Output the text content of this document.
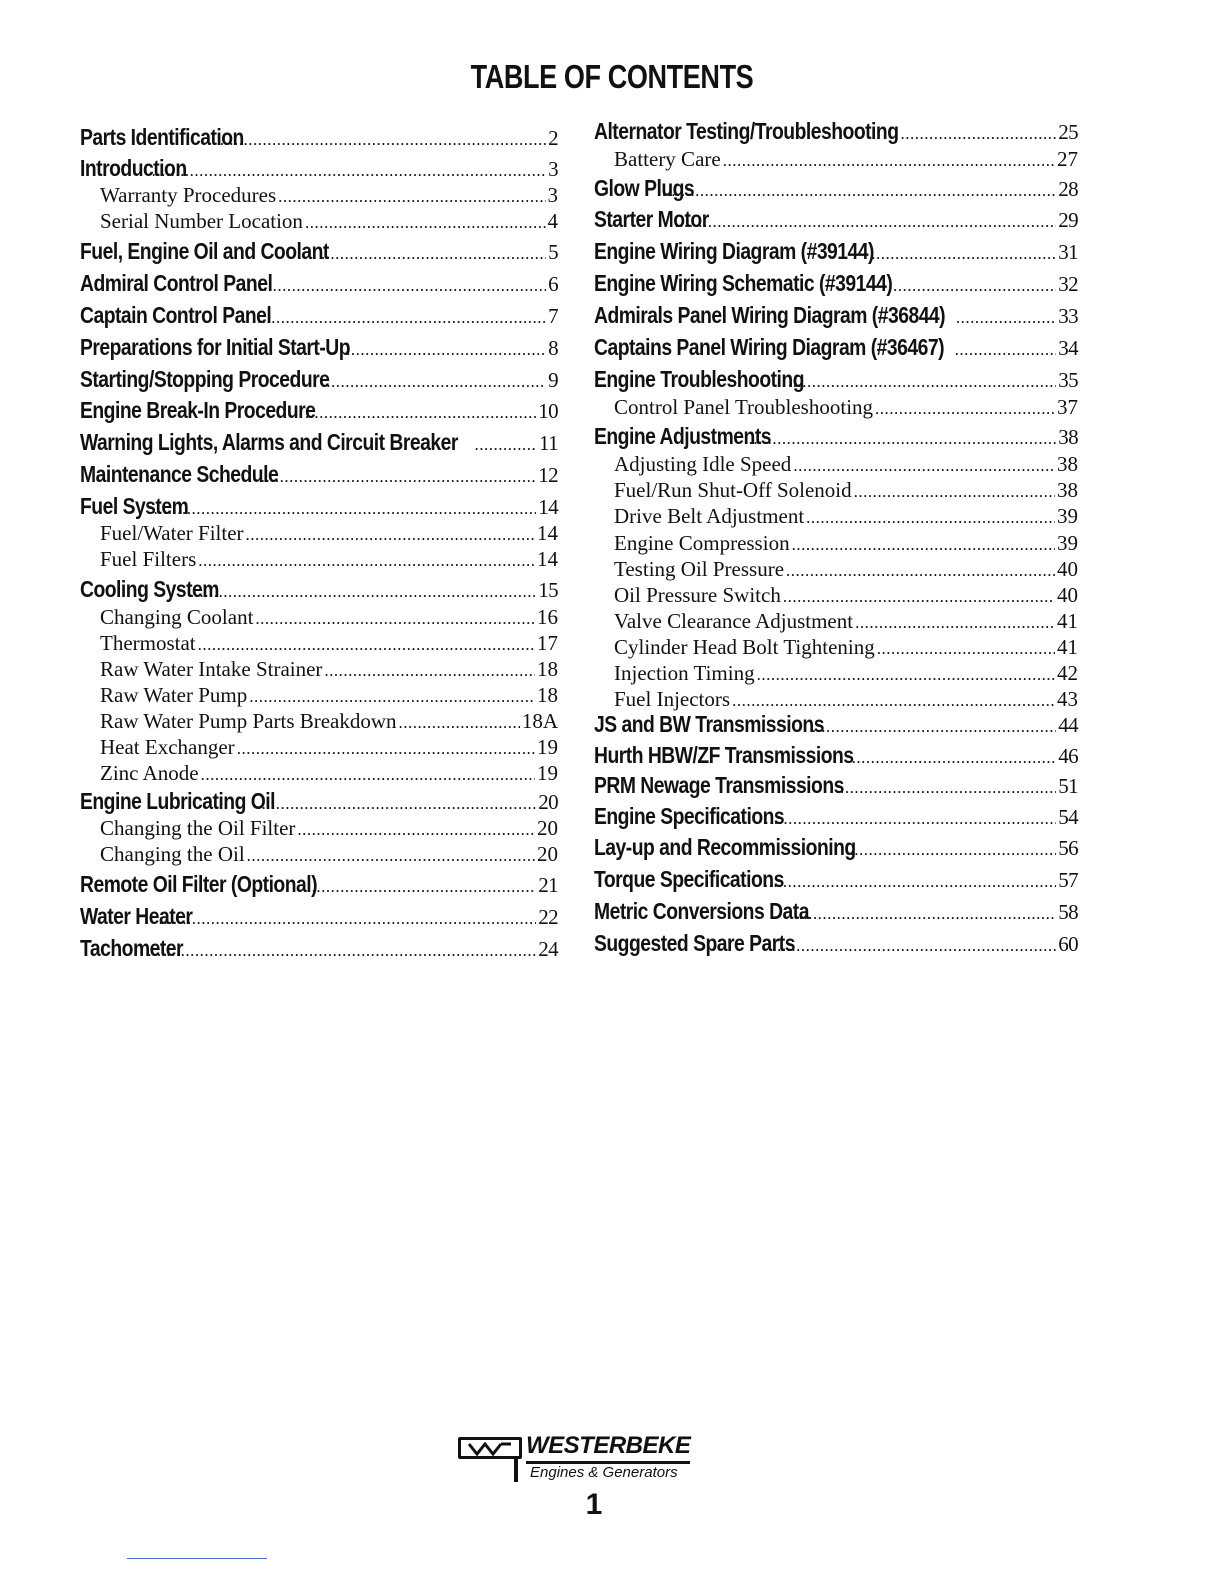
TABLE OF CONTENTS
Parts Identification .....	2
Introduction .....	3
Warranty Procedures .....	3
Serial Number Location .....	4
Fuel, Engine Oil and Coolant .....	5
Admiral Control Panel .....	6
Captain Control Panel .....	7
Preparations for Initial Start-Up .....	8
Starting/Stopping Procedure .....	9
Engine Break-In Procedure .....	10
Warning Lights, Alarms and Circuit Breaker .....	11
Maintenance Schedule .....	12
Fuel System .....	14
Fuel/Water Filter .....	14
Fuel Filters .....	14
Cooling System .....	15
Changing Coolant .....	16
Thermostat .....	17
Raw Water Intake Strainer .....	18
Raw Water Pump .....	18
Raw Water Pump Parts Breakdown .....	18A
Heat Exchanger .....	19
Zinc Anode .....	19
Engine Lubricating Oil .....	20
Changing the Oil Filter .....	20
Changing the Oil .....	20
Remote Oil Filter (Optional) .....	21
Water Heater .....	22
Tachometer .....	24
Alternator Testing/Troubleshooting .....	25
Battery Care .....	27
Glow Plugs .....	28
Starter Motor .....	29
Engine Wiring Diagram (#39144) .....	31
Engine Wiring Schematic (#39144) .....	32
Admirals Panel Wiring Diagram (#36844) .....	33
Captains Panel Wiring Diagram (#36467) .....	34
Engine Troubleshooting .....	35
Control Panel Troubleshooting .....	37
Engine Adjustments .....	38
Adjusting Idle Speed .....	38
Fuel/Run Shut-Off Solenoid .....	38
Drive Belt Adjustment .....	39
Engine Compression .....	39
Testing Oil Pressure .....	40
Oil Pressure Switch .....	40
Valve Clearance Adjustment .....	41
Cylinder Head Bolt Tightening .....	41
Injection Timing .....	42
Fuel Injectors .....	43
JS and BW Transmissions .....	44
Hurth HBW/ZF Transmissions .....	46
PRM Newage Transmissions .....	51
Engine Specifications .....	54
Lay-up and Recommissioning .....	56
Torque Specifications .....	57
Metric Conversions Data .....	58
Suggested Spare Parts .....	60
WESTERBEKE
Engines & Generators
1
